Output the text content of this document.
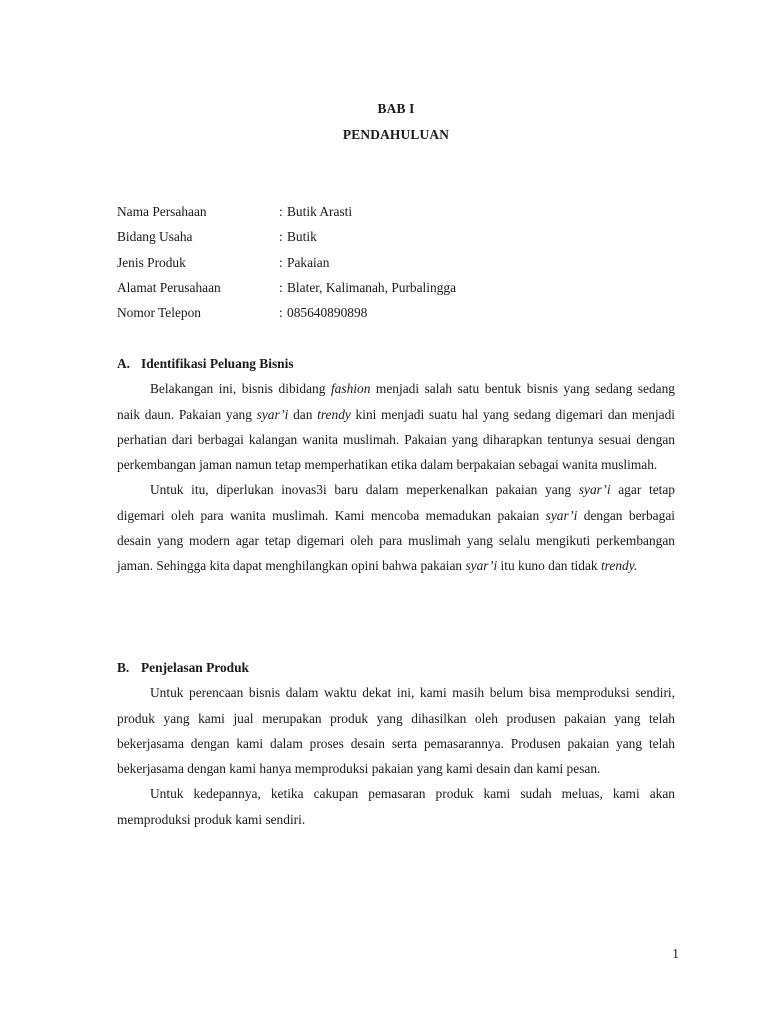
BAB I
PENDAHULUAN
Nama Persahaan	: Butik Arasti
Bidang Usaha	: Butik
Jenis Produk	: Pakaian
Alamat Perusahaan	: Blater, Kalimanah, Purbalingga
Nomor Telepon	: 085640890898
A. Identifikasi Peluang Bisnis

Belakangan ini, bisnis dibidang fashion menjadi salah satu bentuk bisnis yang sedang sedang naik daun. Pakaian yang syar’i dan trendy kini menjadi suatu hal yang sedang digemari dan menjadi perhatian dari berbagai kalangan wanita muslimah. Pakaian yang diharapkan tentunya sesuai dengan perkembangan jaman namun tetap memperhatikan etika dalam berpakaian sebagai wanita muslimah.

Untuk itu, diperlukan inovas3i baru dalam meperkenalkan pakaian yang syar’i agar tetap digemari oleh para wanita muslimah. Kami mencoba memadukan pakaian syar’i dengan berbagai desain yang modern agar tetap digemari oleh para muslimah yang selalu mengikuti perkembangan jaman. Sehingga kita dapat menghilangkan opini bahwa pakaian syar’i itu kuno dan tidak trendy.

B. Penjelasan Produk

Untuk perencaan bisnis dalam waktu dekat ini, kami masih belum bisa memproduksi sendiri, produk yang kami jual merupakan produk yang dihasilkan oleh produsen pakaian yang telah bekerjasama dengan kami dalam proses desain serta pemasarannya. Produsen pakaian yang telah bekerjasama dengan kami hanya memproduksi pakaian yang kami desain dan kami pesan.

Untuk kedepannya, ketika cakupan pemasaran produk kami sudah meluas, kami akan memproduksi produk kami sendiri.

1
